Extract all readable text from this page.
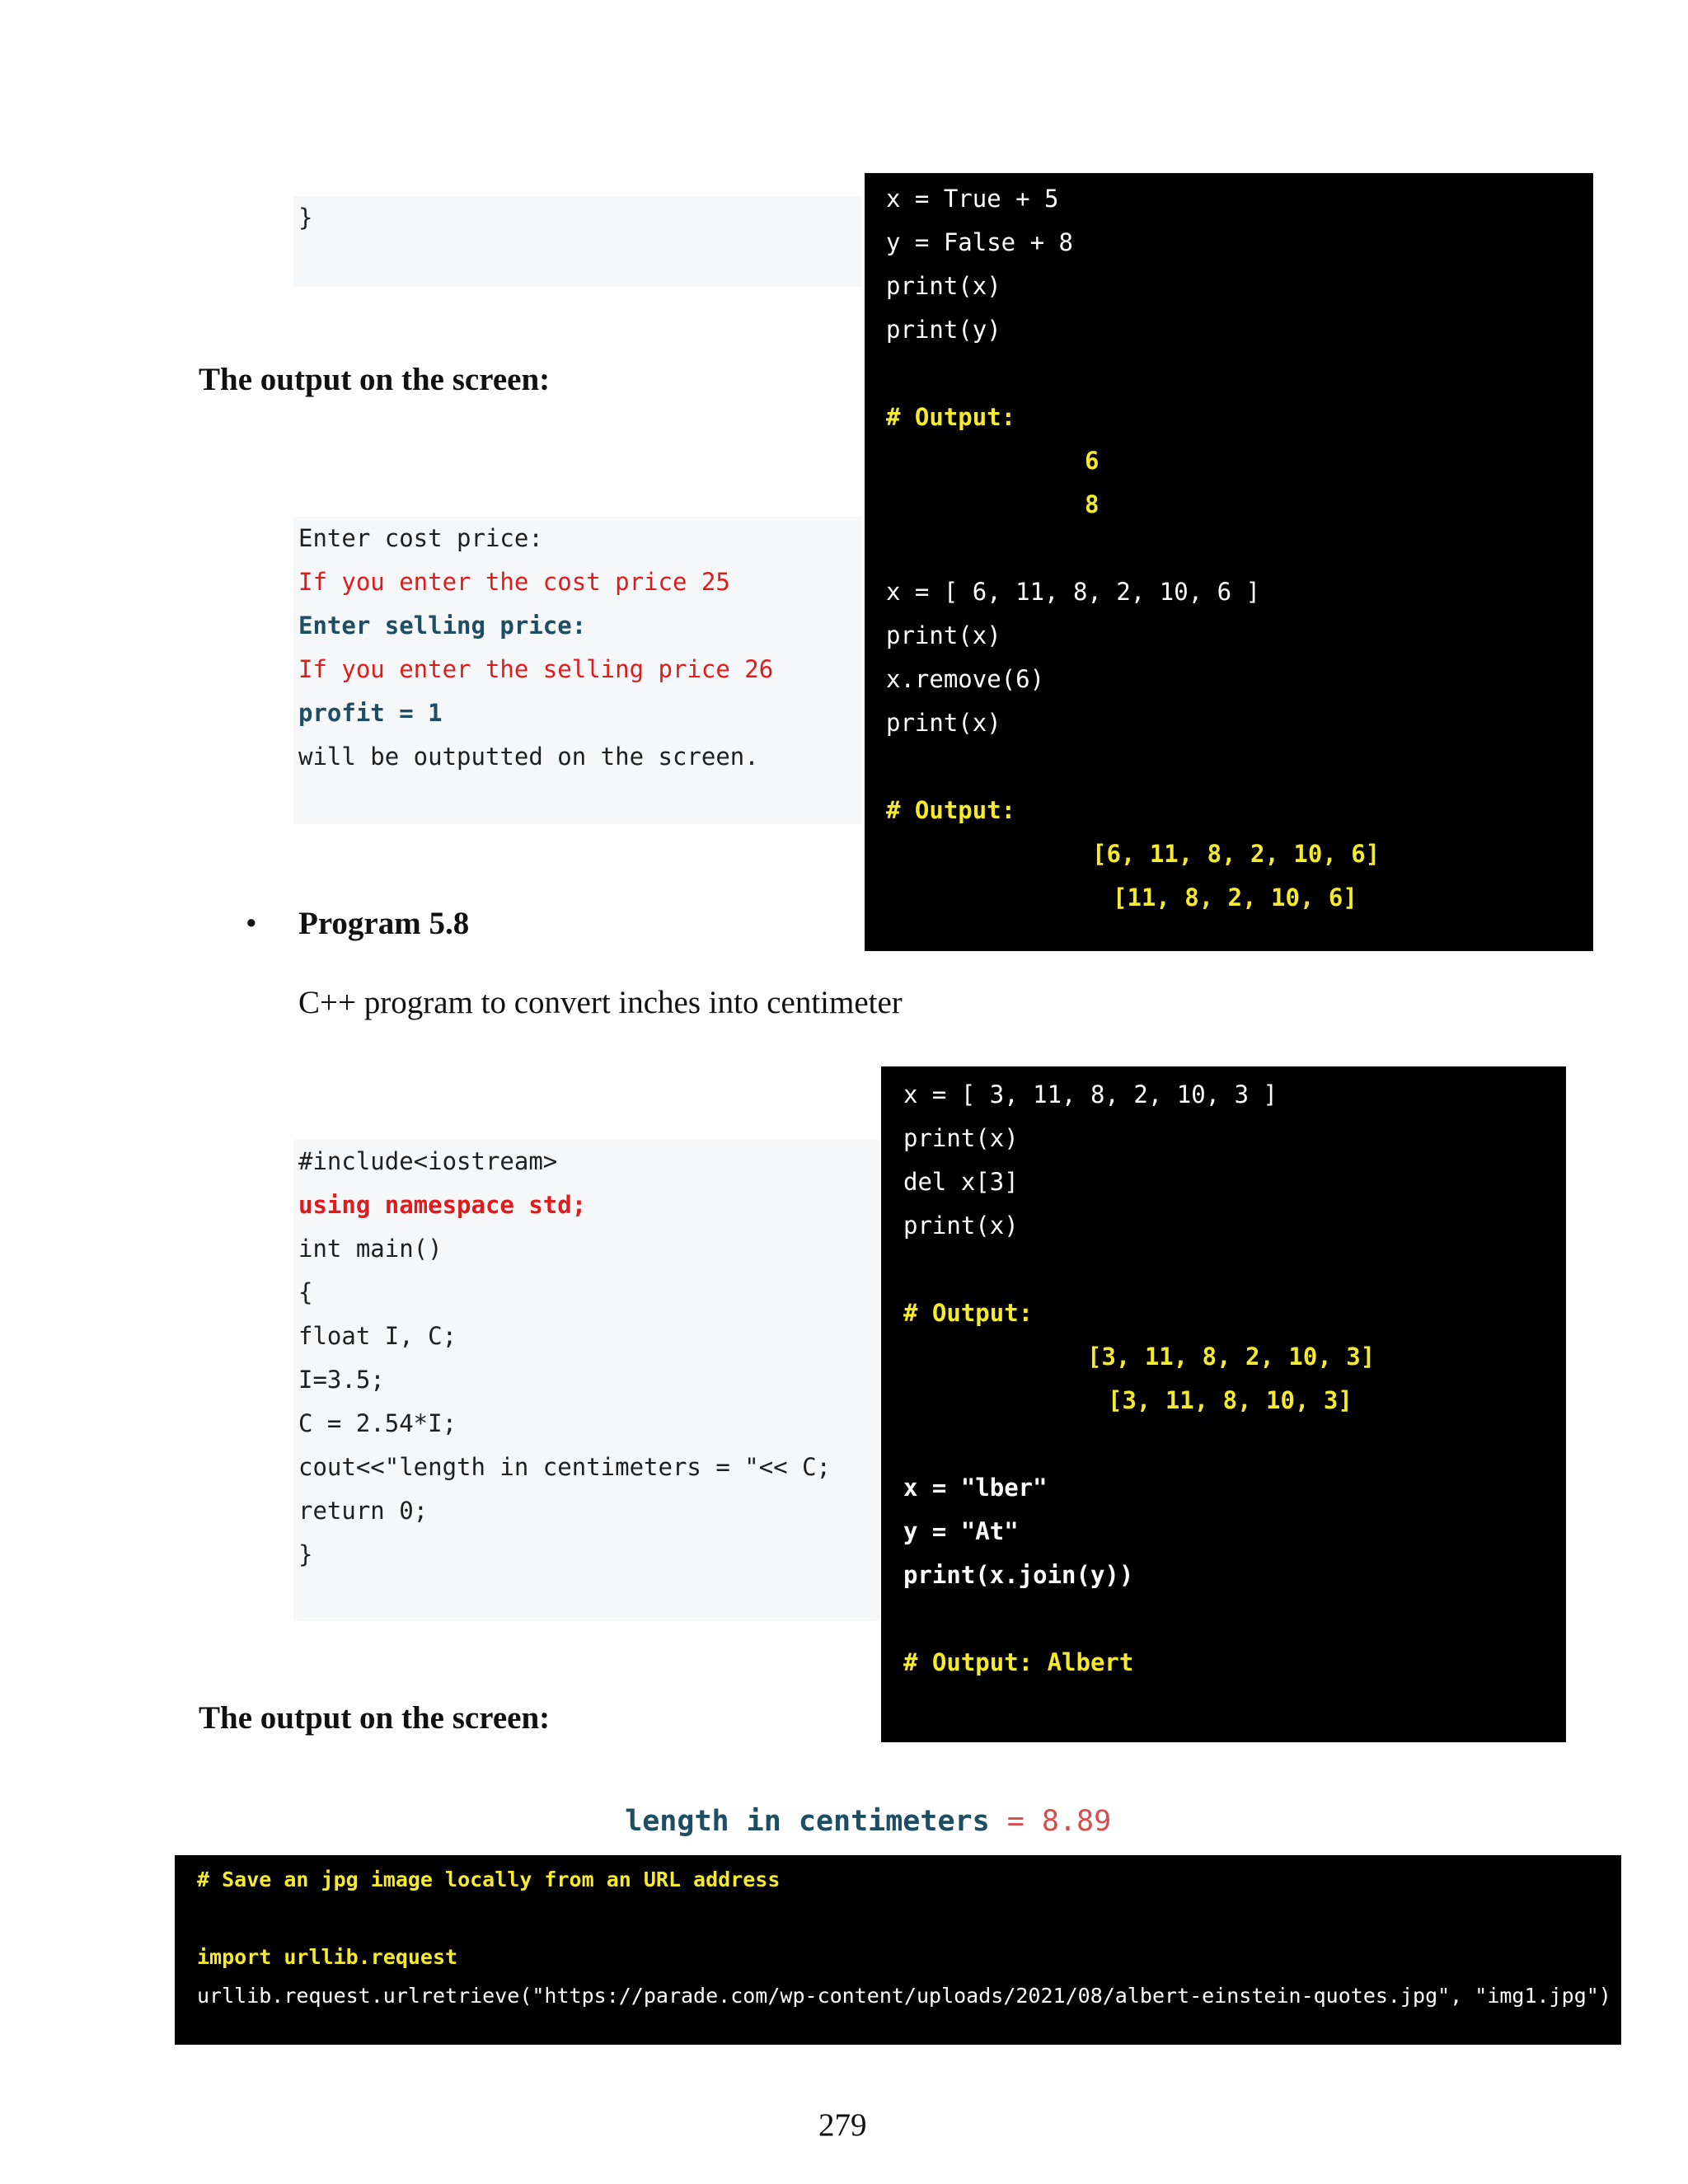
}
The output on the screen:
Enter cost price:
If you enter the cost price 25
Enter selling price:
If you enter the selling price 26
profit = 1
will be outputted on the screen.
• Program 5.8
C++ program to convert inches into centimeter
#include<iostream>
using namespace std;
int main()
{
float I, C;
I=3.5;
C = 2.54*I;
cout<<"length in centimeters = "<< C;
return 0;
}
The output on the screen:

length in centimeters = 8.89

x = True + 5
y = False + 8
print(x)
print(y)
# Output:
6
8
x = [ 6, 11, 8, 2, 10, 6 ]
print(x)
x.remove(6)
print(x)
# Output:
[6, 11, 8, 2, 10, 6]
[11, 8, 2, 10, 6]
x = [ 3, 11, 8, 2, 10, 3 ]
print(x)
del x[3]
print(x)
# Output:
[3, 11, 8, 2, 10, 3]
[3, 11, 8, 10, 3]
x = "lber"
y = "At"
print(x.join(y))
# Output: Albert
# Save an jpg image locally from an URL address
import urllib.request
urllib.request.urlretrieve("https://parade.com/wp-content/uploads/2021/08/albert-einstein-quotes.jpg", "img1.jpg")
279
